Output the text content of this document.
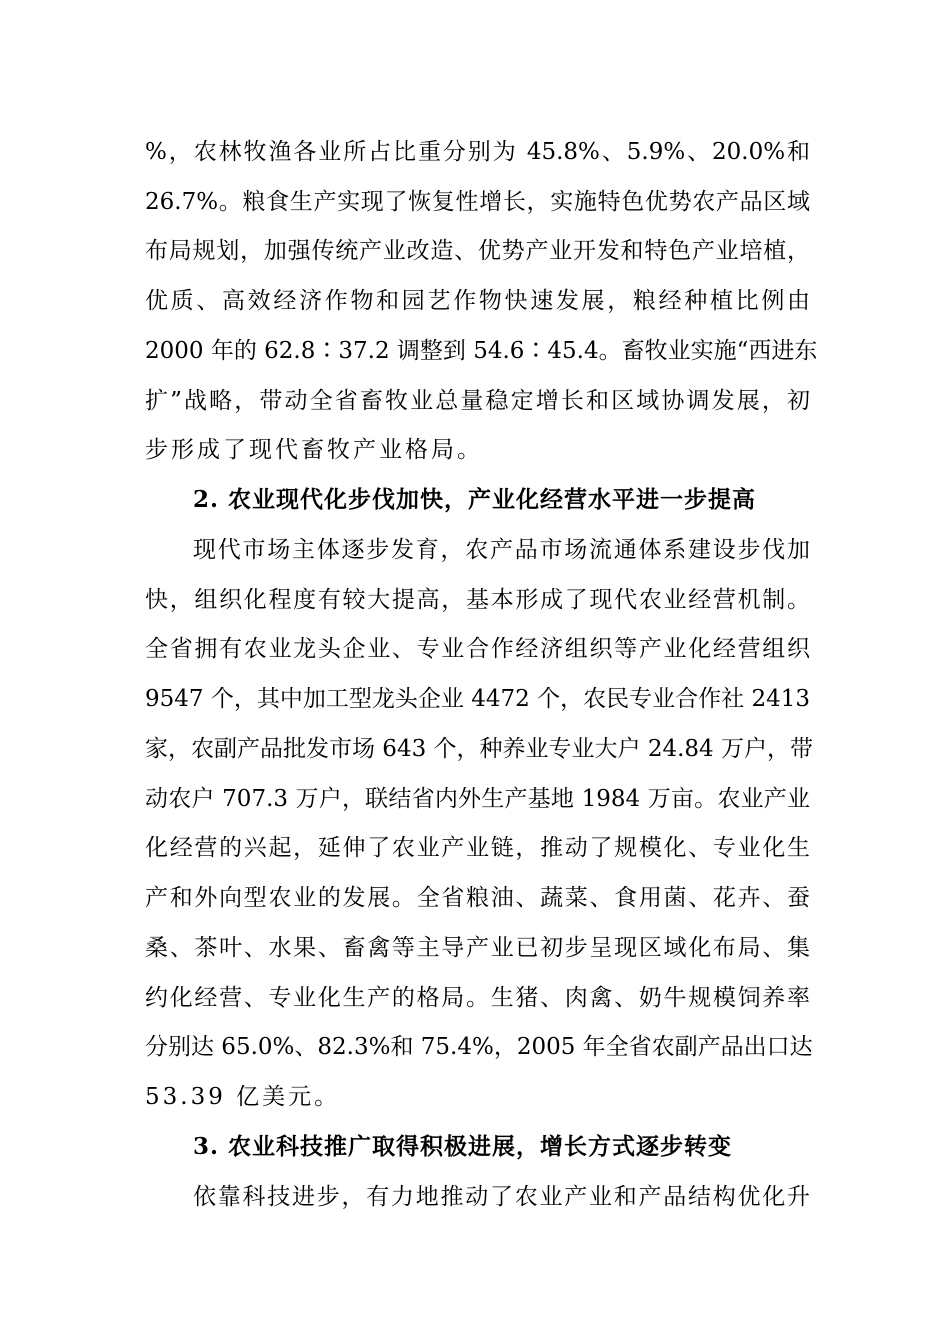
%，农林牧渔各业所占比重分别为 45.8%、5.9%、20.0%和
26.7%。粮食生产实现了恢复性增长，实施特色优势农产品区域
布局规划，加强传统产业改造、优势产业开发和特色产业培植，
优质、高效经济作物和园艺作物快速发展，粮经种植比例由
2000 年的 62.8∶37.2 调整到 54.6∶45.4。畜牧业实施“西进东
扩”战略，带动全省畜牧业总量稳定增长和区域协调发展，初
步形成了现代畜牧产业格局。
2. 农业现代化步伐加快，产业化经营水平进一步提高
现代市场主体逐步发育，农产品市场流通体系建设步伐加
快，组织化程度有较大提高，基本形成了现代农业经营机制。
全省拥有农业龙头企业、专业合作经济组织等产业化经营组织
9547 个，其中加工型龙头企业 4472 个，农民专业合作社 2413
家，农副产品批发市场 643 个，种养业专业大户 24.84 万户，带
动农户 707.3 万户，联结省内外生产基地 1984 万亩。农业产业
化经营的兴起，延伸了农业产业链，推动了规模化、专业化生
产和外向型农业的发展。全省粮油、蔬菜、食用菌、花卉、蚕
桑、茶叶、水果、畜禽等主导产业已初步呈现区域化布局、集
约化经营、专业化生产的格局。生猪、肉禽、奶牛规模饲养率
分别达 65.0%、82.3%和 75.4%，2005 年全省农副产品出口达
53.39 亿美元。
3. 农业科技推广取得积极进展，增长方式逐步转变
依靠科技进步，有力地推动了农业产业和产品结构优化升
